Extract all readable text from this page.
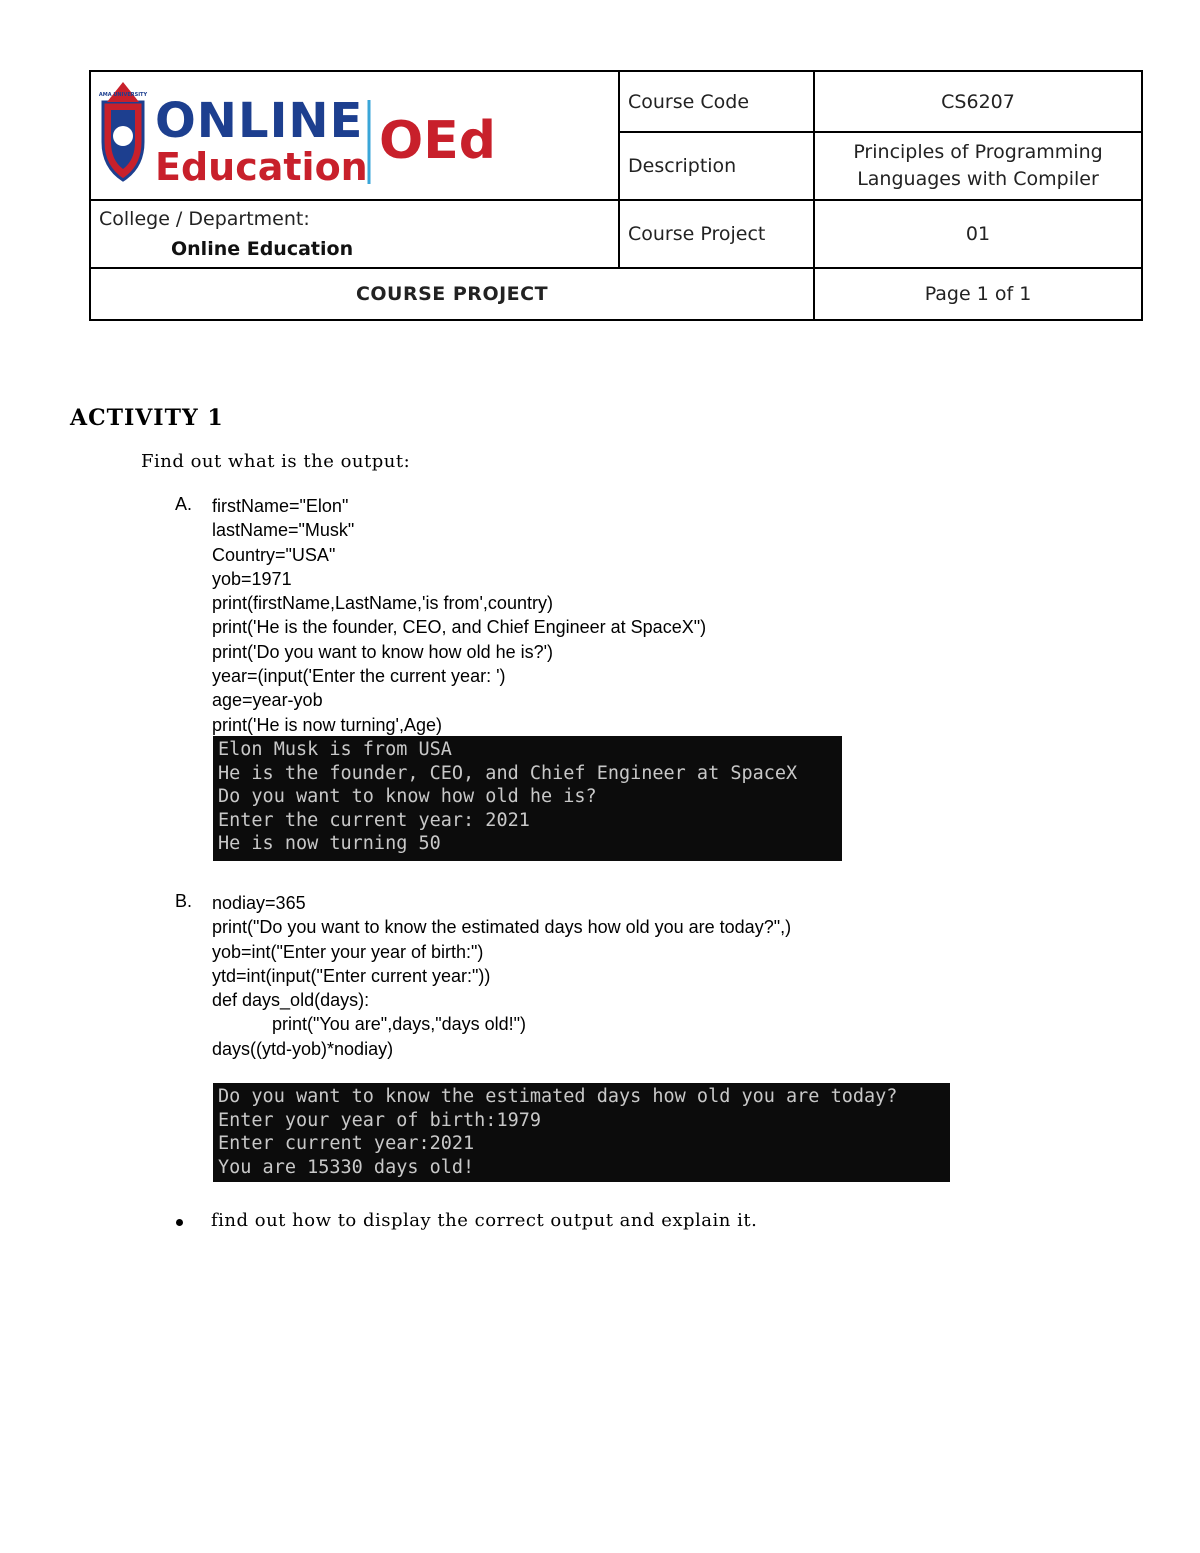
AMA UNIVERSITY ONLINE
Education OEd	Course Code	CS6207
	Description	Principles of Programming
Languages with Compiler

College / Department:
Online Education	Course Project	01
COURSE PROJECT		Page 1 of 1
ACTIVITY 1
Find out what is the output:
A. firstName="Elon"
lastName="Musk"
Country="USA"
yob=1971
print(firstName,LastName,'is from',country)
print('He is the founder, CEO, and Chief Engineer at SpaceX")
print('Do you want to know how old he is?')
year=(input('Enter the current year: ')
age=year-yob
print('He is now turning',Age)
Elon Musk is from USA
He is the founder, CEO, and Chief Engineer at SpaceX
Do you want to know how old he is?
Enter the current year: 2021
He is now turning 50
B. nodiay=365
print("Do you want to know the estimated days how old you are today?",)
yob=int("Enter your year of birth:")
ytd=int(input("Enter current year:"))
def days_old(days):
print("You are",days,"days old!")
days((ytd-yob)*nodiay)
Do you want to know the estimated days how old you are today?
Enter your year of birth:1979
Enter current year:2021
You are 15330 days old!
find out how to display the correct output and explain it.
